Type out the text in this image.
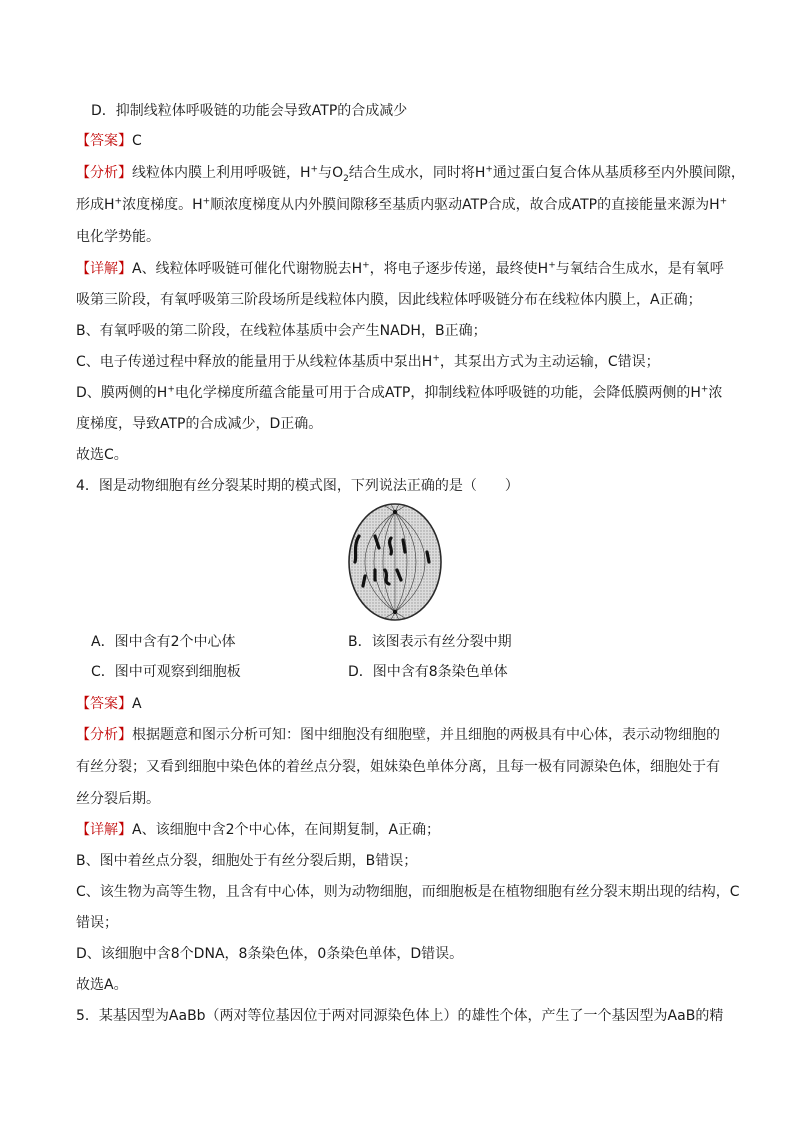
D．抑制线粒体呼吸链的功能会导致ATP的合成减少
【答案】C
【分析】线粒体内膜上利用呼吸链，H+与$O_2$结合生成水，同时将H+通过蛋白复合体从基质移至内外膜间隙，
形成H+浓度梯度。H+顺浓度梯度从内外膜间隙移至基质内驱动ATP合成，故合成ATP的直接能量来源为H+
电化学势能。
【详解】A、线粒体呼吸链可催化代谢物脱去H+，将电子逐步传递，最终使H+与氧结合生成水，是有氧呼
吸第三阶段，有氧呼吸第三阶段场所是线粒体内膜，因此线粒体呼吸链分布在线粒体内膜上，A正确；
B、有氧呼吸的第二阶段，在线粒体基质中会产生NADH，B正确；
C、电子传递过程中释放的能量用于从线粒体基质中泵出H+，其泵出方式为主动运输，C错误；
D、膜两侧的H+电化学梯度所蕴含能量可用于合成ATP，抑制线粒体呼吸链的功能，会降低膜两侧的H+浓
度梯度，导致ATP的合成减少，D正确。
故选C。
4．图是动物细胞有丝分裂某时期的模式图，下列说法正确的是（　　）
A．图中含有2个中心体	B．该图表示有丝分裂中期
C．图中可观察到细胞板	D．图中含有8条染色单体
【答案】A
【分析】根据题意和图示分析可知：图中细胞没有细胞壁，并且细胞的两极具有中心体，表示动物细胞的
有丝分裂；又看到细胞中染色体的着丝点分裂，姐妹染色单体分离，且每一极有同源染色体，细胞处于有
丝分裂后期。
【详解】A、该细胞中含2个中心体，在间期复制，A正确；
B、图中着丝点分裂，细胞处于有丝分裂后期，B错误；
C、该生物为高等生物，且含有中心体，则为动物细胞，而细胞板是在植物细胞有丝分裂末期出现的结构，C
错误；
D、该细胞中含8个DNA，8条染色体，0条染色单体，D错误。
故选A。
5．某基因型为AaBb（两对等位基因位于两对同源染色体上）的雄性个体，产生了一个基因型为AaB的精
